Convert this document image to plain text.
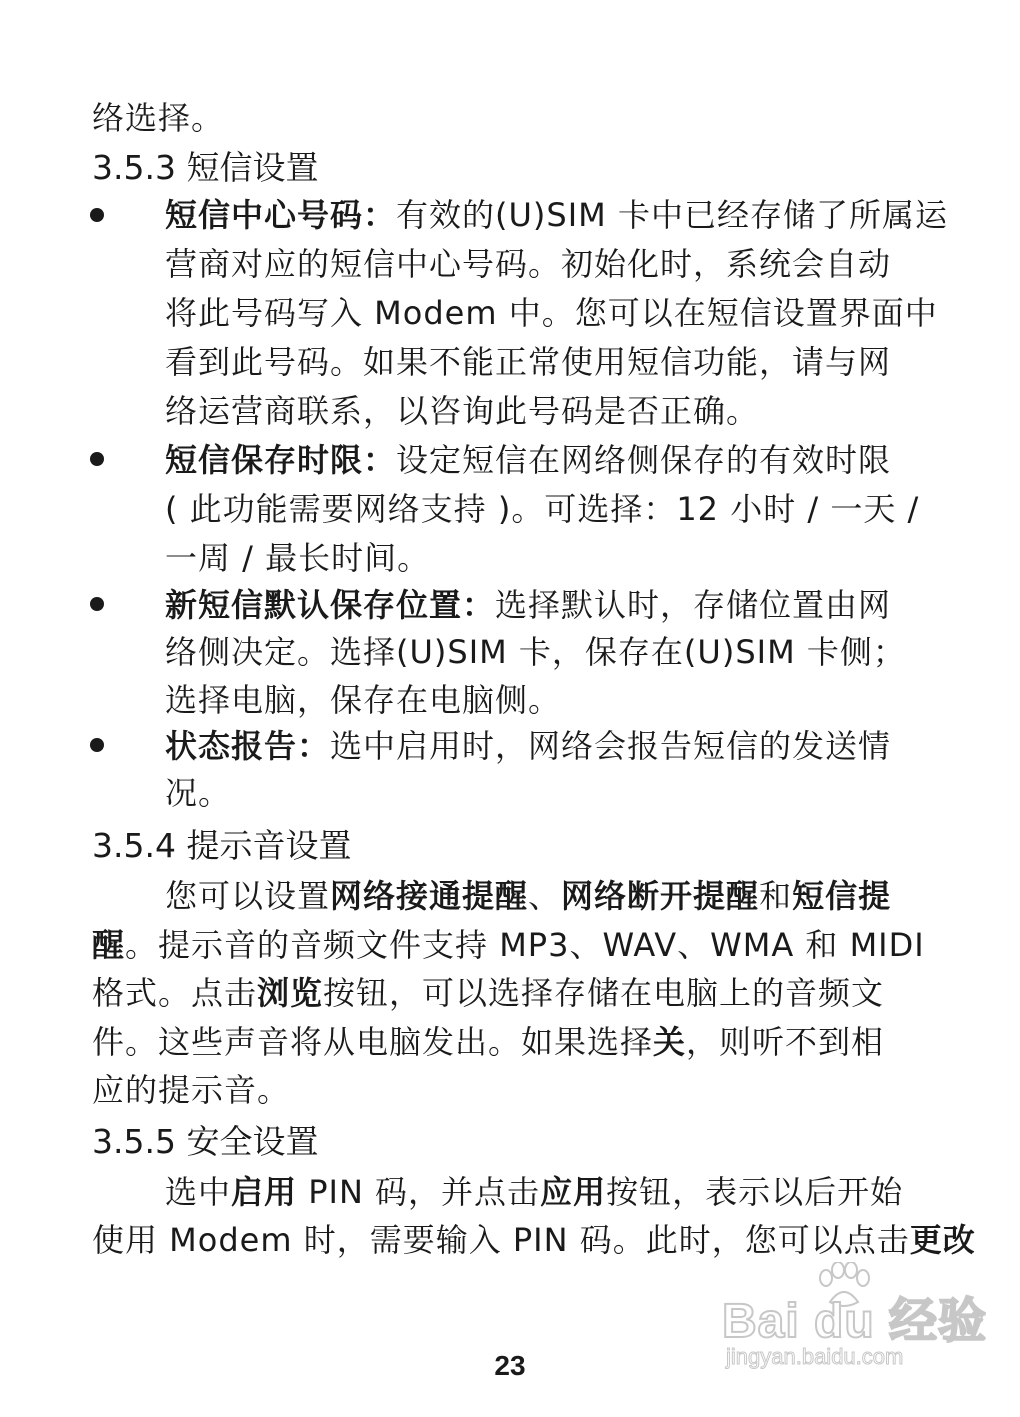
络选择。
3.5.3 短信设置
短信中心号码：有效的(U)SIM 卡中已经存储了所属运
营商对应的短信中心号码。初始化时，系统会自动
将此号码写入 Modem 中。您可以在短信设置界面中
看到此号码。如果不能正常使用短信功能，请与网
络运营商联系，以咨询此号码是否正确。
短信保存时限：设定短信在网络侧保存的有效时限
( 此功能需要网络支持 )。可选择：12 小时 / 一天 /
一周 / 最长时间。
新短信默认保存位置：选择默认时，存储位置由网
络侧决定。选择(U)SIM 卡，保存在(U)SIM 卡侧；
选择电脑，保存在电脑侧。
状态报告：选中启用时，网络会报告短信的发送情
况。
3.5.4 提示音设置
您可以设置网络接通提醒、网络断开提醒和短信提
醒。提示音的音频文件支持 MP3、WAV、WMA 和 MIDI
格式。点击浏览按钮，可以选择存储在电脑上的音频文
件。这些声音将从电脑发出。如果选择关，则听不到相
应的提示音。
3.5.5 安全设置
选中启用 PIN 码，并点击应用按钮，表示以后开始
使用 Modem 时，需要输入 PIN 码。此时，您可以点击更改
23
Bai du 经验
jingyan.baidu.com
